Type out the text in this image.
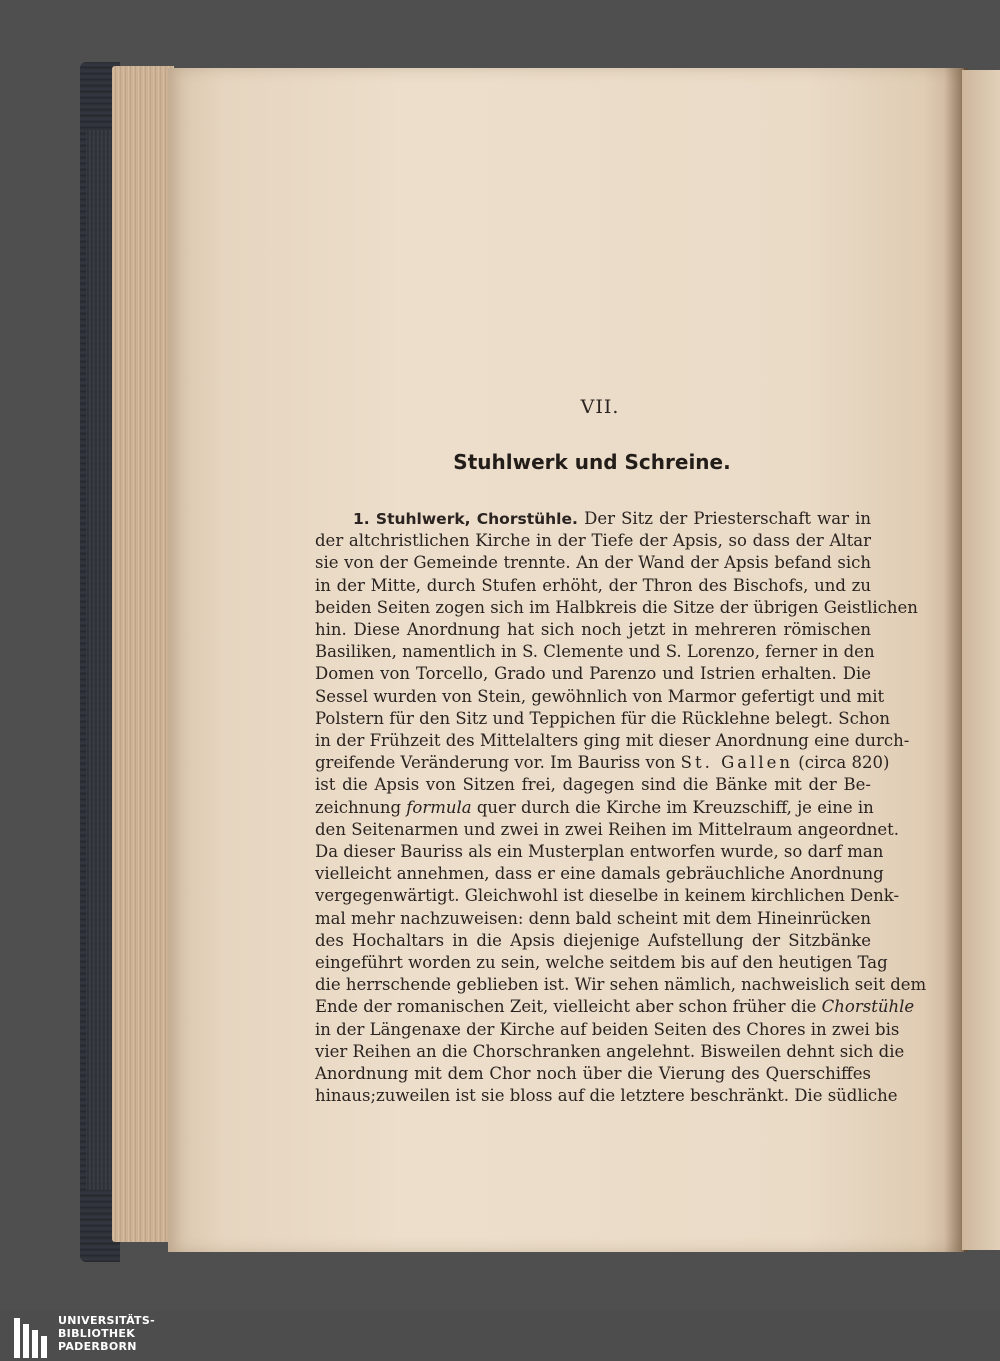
VII.
Stuhlwerk und Schreine.
1. Stuhlwerk, Chorstühle. Der Sitz der Priesterschaft war in
der altchristlichen Kirche in der Tiefe der Apsis, so dass der Altar
sie von der Gemeinde trennte. An der Wand der Apsis befand sich
in der Mitte, durch Stufen erhöht, der Thron des Bischofs, und zu
beiden Seiten zogen sich im Halbkreis die Sitze der übrigen Geistlichen
hin. Diese Anordnung hat sich noch jetzt in mehreren römischen
Basiliken, namentlich in S. Clemente und S. Lorenzo, ferner in den
Domen von Torcello, Grado und Parenzo und Istrien erhalten. Die
Sessel wurden von Stein, gewöhnlich von Marmor gefertigt und mit
Polstern für den Sitz und Teppichen für die Rücklehne belegt. Schon
in der Frühzeit des Mittelalters ging mit dieser Anordnung eine durch-
greifende Veränderung vor. Im Bauriss von St. Gallen (circa 820)
ist die Apsis von Sitzen frei, dagegen sind die Bänke mit der Be-
zeichnung formula quer durch die Kirche im Kreuzschiff, je eine in
den Seitenarmen und zwei in zwei Reihen im Mittelraum angeordnet.
Da dieser Bauriss als ein Musterplan entworfen wurde, so darf man
vielleicht annehmen, dass er eine damals gebräuchliche Anordnung
vergegenwärtigt. Gleichwohl ist dieselbe in keinem kirchlichen Denk-
mal mehr nachzuweisen: denn bald scheint mit dem Hineinrücken
des Hochaltars in die Apsis diejenige Aufstellung der Sitzbänke
eingeführt worden zu sein, welche seitdem bis auf den heutigen Tag
die herrschende geblieben ist. Wir sehen nämlich, nachweislich seit dem
Ende der romanischen Zeit, vielleicht aber schon früher die Chorstühle
in der Längenaxe der Kirche auf beiden Seiten des Chores in zwei bis
vier Reihen an die Chorschranken angelehnt. Bisweilen dehnt sich die
Anordnung mit dem Chor noch über die Vierung des Querschiffes
hinaus;zuweilen ist sie bloss auf die letztere beschränkt. Die südliche
UNIVERSITÄTS-
BIBLIOTHEK
PADERBORN
